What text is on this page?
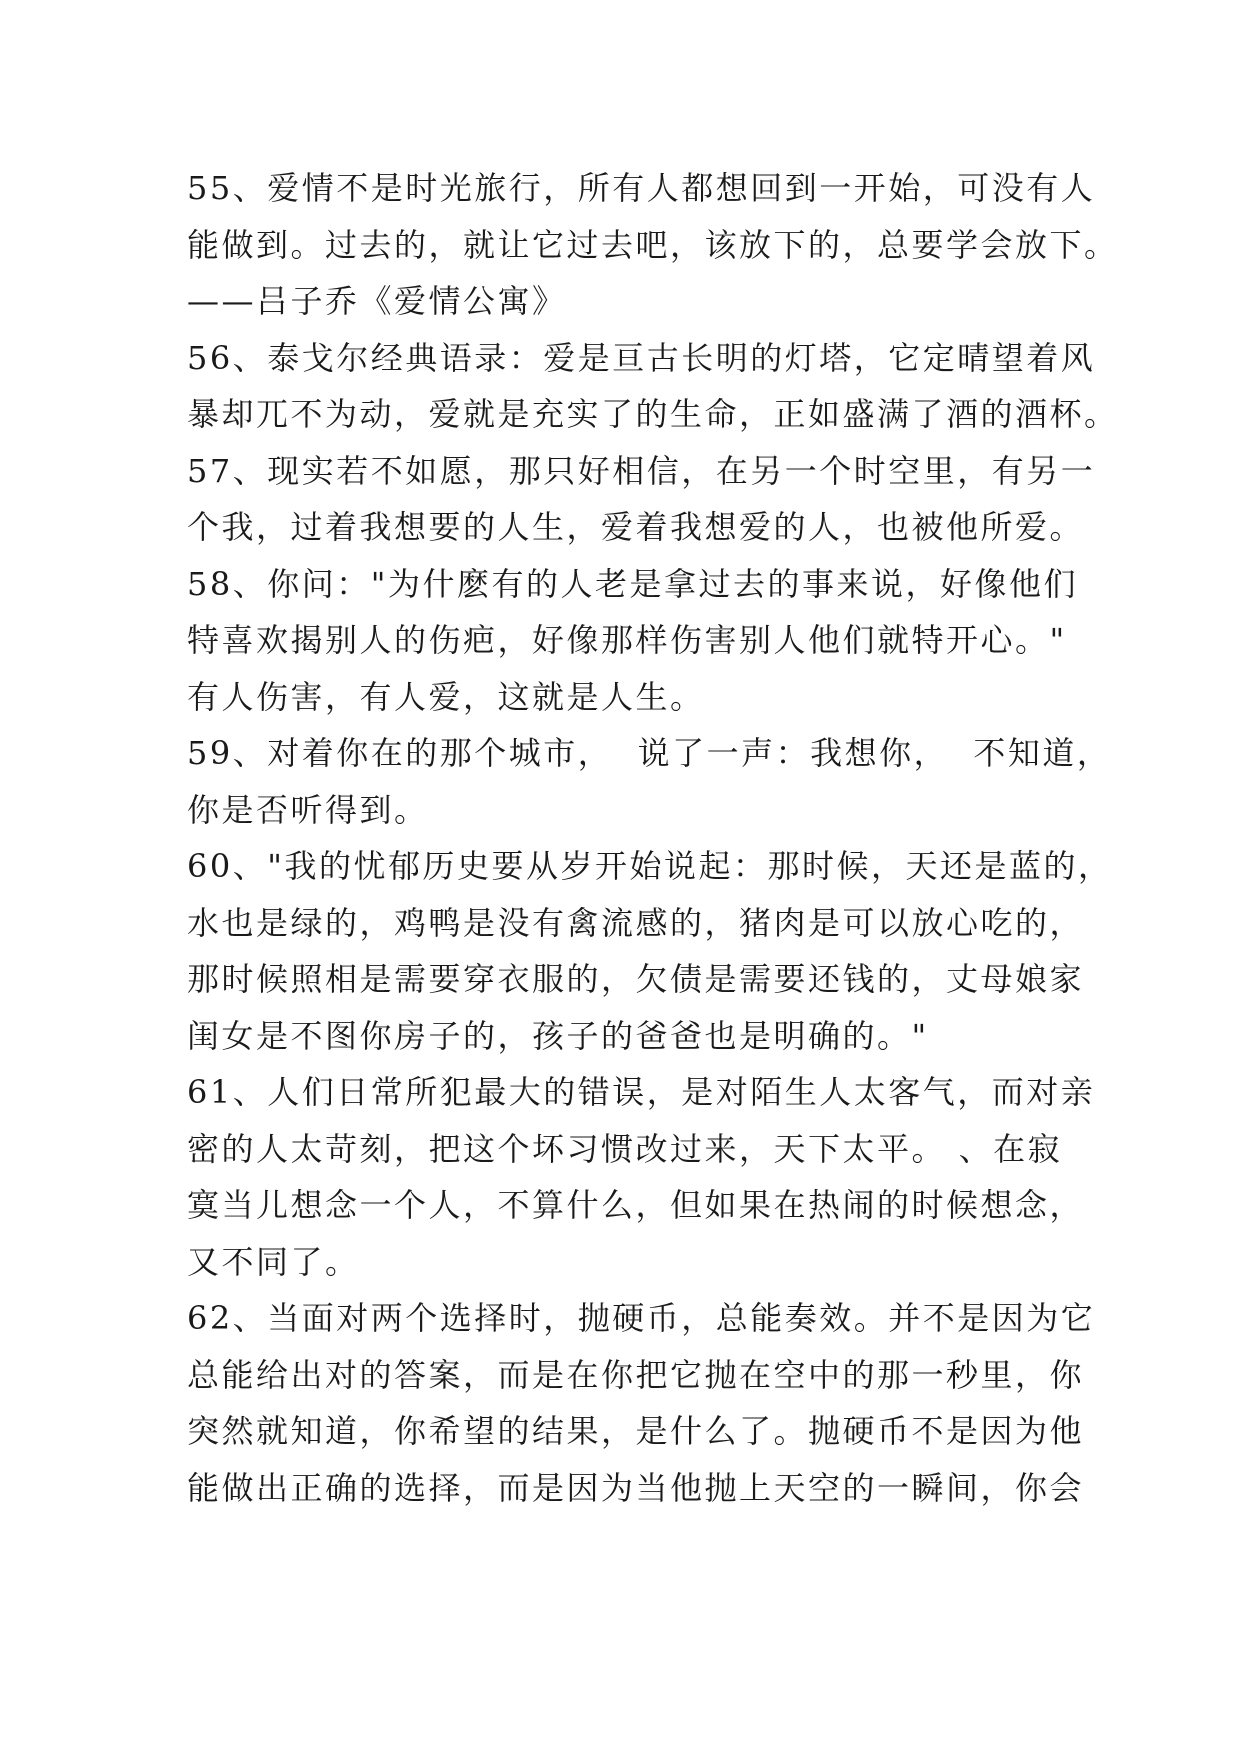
55、爱情不是时光旅行，所有人都想回到一开始，可没有人
能做到。过去的，就让它过去吧，该放下的，总要学会放下。
——吕子乔《爱情公寓》
56、泰戈尔经典语录：爱是亘古长明的灯塔，它定晴望着风
暴却兀不为动，爱就是充实了的生命，正如盛满了酒的酒杯。
57、现实若不如愿，那只好相信，在另一个时空里，有另一
个我，过着我想要的人生，爱着我想爱的人，也被他所爱。
58、你问："为什麽有的人老是拿过去的事来说，好像他们
特喜欢揭别人的伤疤，好像那样伤害别人他们就特开心。"
有人伤害，有人爱，这就是人生。
59、对着你在的那个城市，  说了一声：我想你，  不知道，
你是否听得到。
60、"我的忧郁历史要从岁开始说起：那时候，天还是蓝的，
水也是绿的，鸡鸭是没有禽流感的，猪肉是可以放心吃的，
那时候照相是需要穿衣服的，欠债是需要还钱的，丈母娘家
闺女是不图你房子的，孩子的爸爸也是明确的。"
61、人们日常所犯最大的错误，是对陌生人太客气，而对亲
密的人太苛刻，把这个坏习惯改过来，天下太平。 、在寂
寞当儿想念一个人，不算什么，但如果在热闹的时候想念，
又不同了。
62、当面对两个选择时，抛硬币，总能奏效。并不是因为它
总能给出对的答案，而是在你把它抛在空中的那一秒里，你
突然就知道，你希望的结果，是什么了。抛硬币不是因为他
能做出正确的选择，而是因为当他抛上天空的一瞬间，你会
